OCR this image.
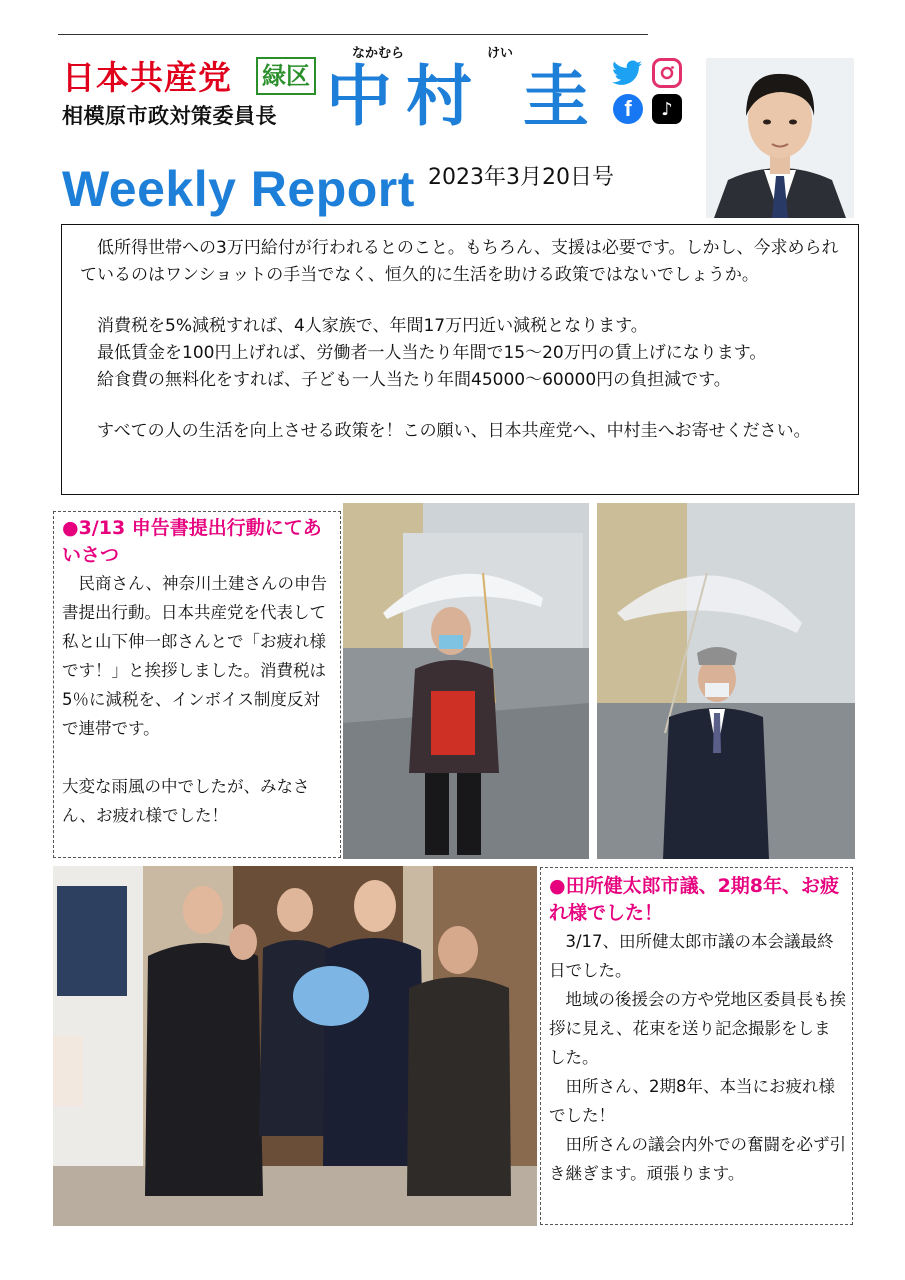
日本共産党 緑区
相模原市政対策委員長
なかむら	けい
中村 圭 f	♪
Weekly Report 2023年3月20日号

低所得世帯への3万円給付が行われるとのこと。もちろん、支援は必要です。しかし、今求められているのはワンショットの手当でなく、恒久的に生活を助ける政策ではないでしょうか。

消費税を5%減税すれば、4人家族で、年間17万円近い減税となります。

最低賃金を100円上げれば、労働者一人当たり年間で15～20万円の賃上げになります。

給食費の無料化をすれば、子ども一人当たり年間45000～60000円の負担減です。

すべての人の生活を向上させる政策を！この願い、日本共産党へ、中村圭へお寄せください。

●3/13 申告書提出行動にてあいさつ
民商さん、神奈川土建さんの申告書提出行動。日本共産党を代表して私と山下伸一郎さんとで「お疲れ様です！」と挨拶しました。消費税は5％に減税を、インボイス制度反対で連帯です。
大変な雨風の中でしたが、みなさん、お疲れ様でした！
●田所健太郎市議、2期8年、お疲れ様でした！
3/17、田所健太郎市議の本会議最終日でした。
地域の後援会の方や党地区委員長も挨拶に見え、花束を送り記念撮影をしました。
田所さん、2期8年、本当にお疲れ様でした！
田所さんの議会内外での奮闘を必ず引き継ぎます。頑張ります。
